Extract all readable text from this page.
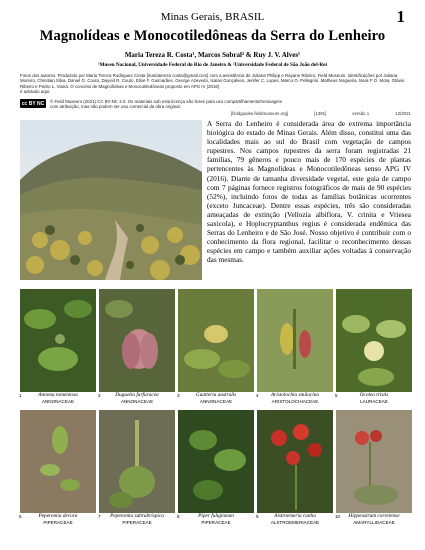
Minas Gerais, BRASIL	1
Magnolídeas e Monocotiledôneas da Serra do Lenheiro
Maria Tereza R. Costa¹, Marcos Sobral² & Ruy J. V. Alves¹
¹Museu Nacional, Universidade Federal do Rio de Janeiro & ²Universidade Federal de São João del-Rei
Fotos dos autores. Produzido por Maria Tereza Rodrigues Costa [mariatereza costa@gmail.com] com a assistência de Juliana Philipp e Rayane Ribeiro, Field Museum. Identificações por Juliana Moreiro, Christian Silva, Daniel G. Couto, Dayvid R. Couto, Elsie F. Guimarães, George Azevedo, Isaías Gonçalves, Jenifer C. Lopes, Marco O. Pellegrini, Matheus Nogueira, Nara F O. Mota, Otávio Ribeiro e Pedro L. Viana. O conceito de Magnolídeas e Monocotiledôneas proposto em APG IV (2016)
é adotado aqui.
cc BY NC	© Field Museum (2021) CC BY-NC 4.0. Os materiais sob esta licença são livres para uso compartilhamento/remixagem com atribuição, mas não podem ser uso comercial da obra original.
[fieldguides.fieldmuseum.org]	[1381]	versão 1	12/2021
A Serra do Lenheiro é considerada área de extrema importância biológica do estado de Minas Gerais. Além disso, constitui uma das localidades mais ao sul do Brasil com vegetação de campos rupestres. Nos campos rupestres da serra foram registradas 21 famílias, 79 gêneros e pouco mais de 170 espécies de plantas pertencentes às Magnolídeas e Monocotiledôneas senso APG IV (2016). Diante de tamanha diversidade vegetal, este guia de campo com 7 páginas fornece registros fotográficos de mais de 90 espécies (52%), incluindo fotos de todas as famílias botânicas ocorrentes (exceto Juncaceae). Dentre essas espécies, três são consideradas ameaçadas de extinção (Vellozia albiflora, V. crinita e Vriesea saxicola), e Hoplocryptanthus regius é considerada endêmica das Serras do Lenheiro e de São José. Nosso objetivo é contribuir com o conhecimento da flora regional, facilitar o reconhecimento dessas espécies em campo e também auxiliar ações voltadas à conservação das mesmas.
1	Annona tomentosa
ANNONACEAE
2	Duguetia furfuracea
ANNONACEAE
3	Guatteria australis
ANNONACEAE
4	Aristolochia smilacina
ARISTOLOCHIACEAE
5	Ocotea tristis
LAURACEAE
6	Peperomia decora
PIPERACEAE
7	Peperomia subrubrispica
PIPERACEAE
8	Piper fuligineum
PIPERACEAE
9	Alstroemeria cunha
ALSTROEMERIACEAE
10	Hippeastrum correiense
AMARYLLIDACEAE
